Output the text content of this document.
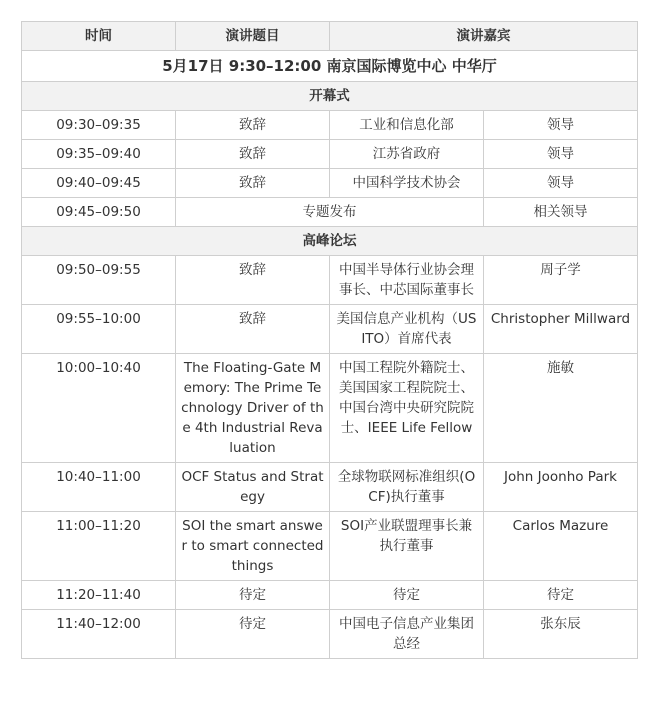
时间	演讲题目	演讲嘉宾	
5月17日 9:30–12:00 南京国际博览中心 中华厅			
开幕式			
09:30–09:35	致辞	工业和信息化部	领导
09:35–09:40	致辞	江苏省政府	领导
09:40–09:45	致辞	中国科学技术协会	领导
09:45–09:50	专题发布		相关领导
高峰论坛			
09:50–09:55	致辞	中国半导体行业协会理事长、中芯国际董事长	周子学
09:55–10:00	致辞	美国信息产业机构（USITO）首席代表	Christopher Millward
10:00–10:40	The Floating-Gate Memory: The Prime Technology Driver of the 4th Industrial Revaluation	中国工程院外籍院士、美国国家工程院院士、中国台湾中央研究院院士、IEEE Life Fellow	施敏
10:40–11:00	OCF Status and Strategy	全球物联网标准组织(OCF)执行董事	John Joonho Park
11:00–11:20	SOI the smart answer to smart connected things	SOI产业联盟理事长兼执行董事	Carlos Mazure
11:20–11:40	待定	待定	待定
11:40–12:00	待定	中国电子信息产业集团总经	张东辰
